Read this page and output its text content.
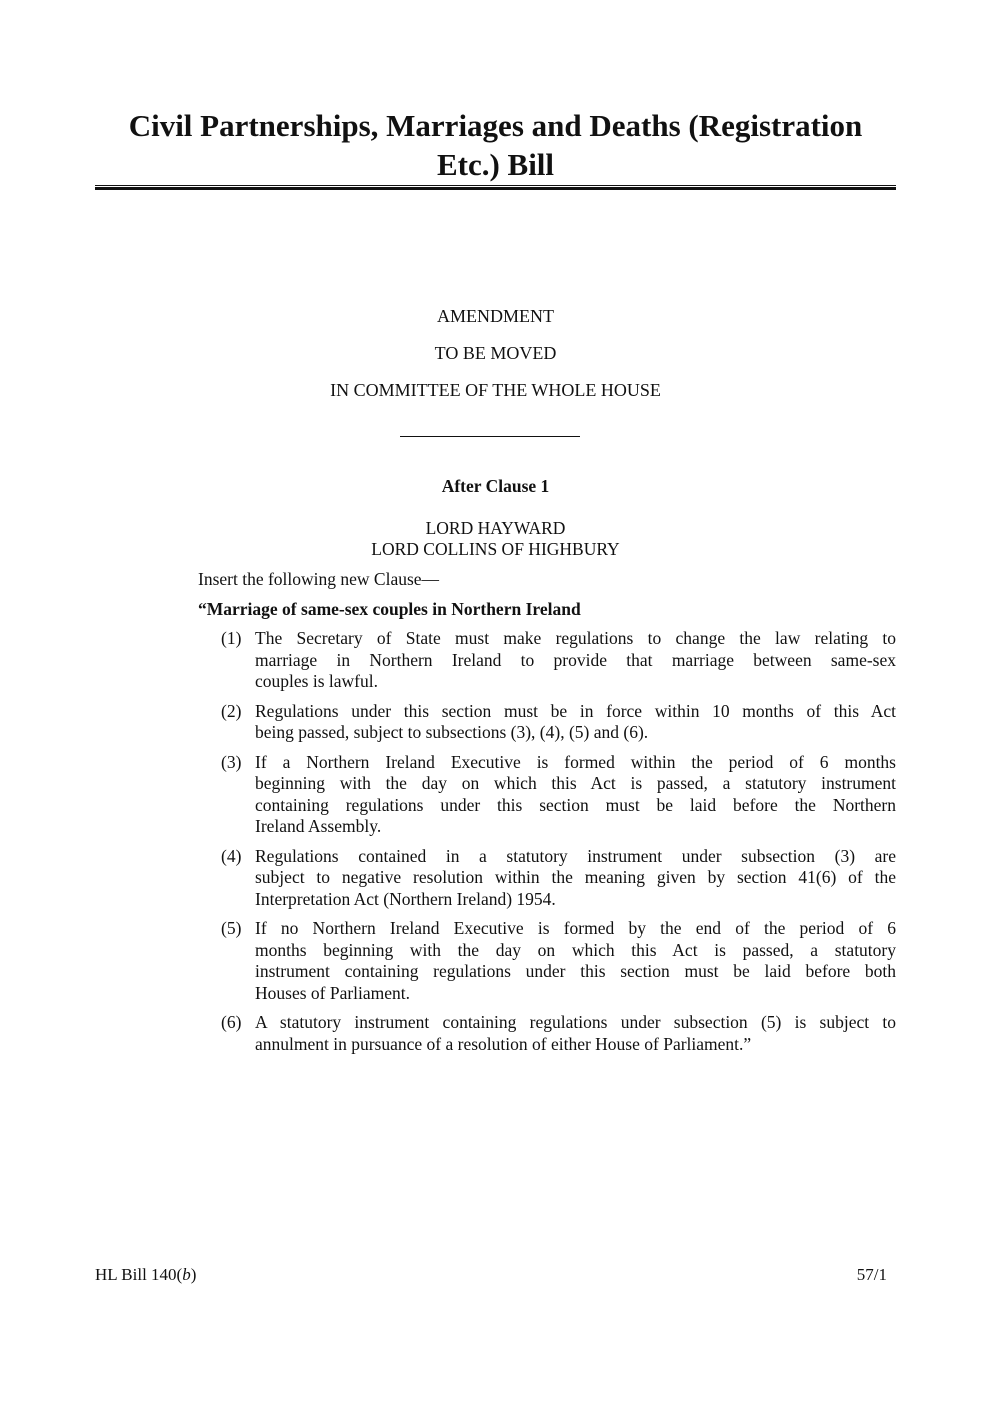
Civil Partnerships, Marriages and Deaths (Registration Etc.) Bill
AMENDMENT
TO BE MOVED
IN COMMITTEE OF THE WHOLE HOUSE
After Clause 1
LORD HAYWARD
LORD COLLINS OF HIGHBURY
Insert the following new Clause—
“Marriage of same-sex couples in Northern Ireland
(1) The Secretary of State must make regulations to change the law relating to
marriage in Northern Ireland to provide that marriage between same-sex
couples is lawful.
(2) Regulations under this section must be in force within 10 months of this Act
being passed, subject to subsections (3), (4), (5) and (6).
(3) If a Northern Ireland Executive is formed within the period of 6 months
beginning with the day on which this Act is passed, a statutory instrument
containing regulations under this section must be laid before the Northern
Ireland Assembly.
(4) Regulations contained in a statutory instrument under subsection (3) are
subject to negative resolution within the meaning given by section 41(6) of the
Interpretation Act (Northern Ireland) 1954.
(5) If no Northern Ireland Executive is formed by the end of the period of 6
months beginning with the day on which this Act is passed, a statutory
instrument containing regulations under this section must be laid before both
Houses of Parliament.
(6) A statutory instrument containing regulations under subsection (5) is subject to
annulment in pursuance of a resolution of either House of Parliament.”
HL Bill 140(b)	57/1
